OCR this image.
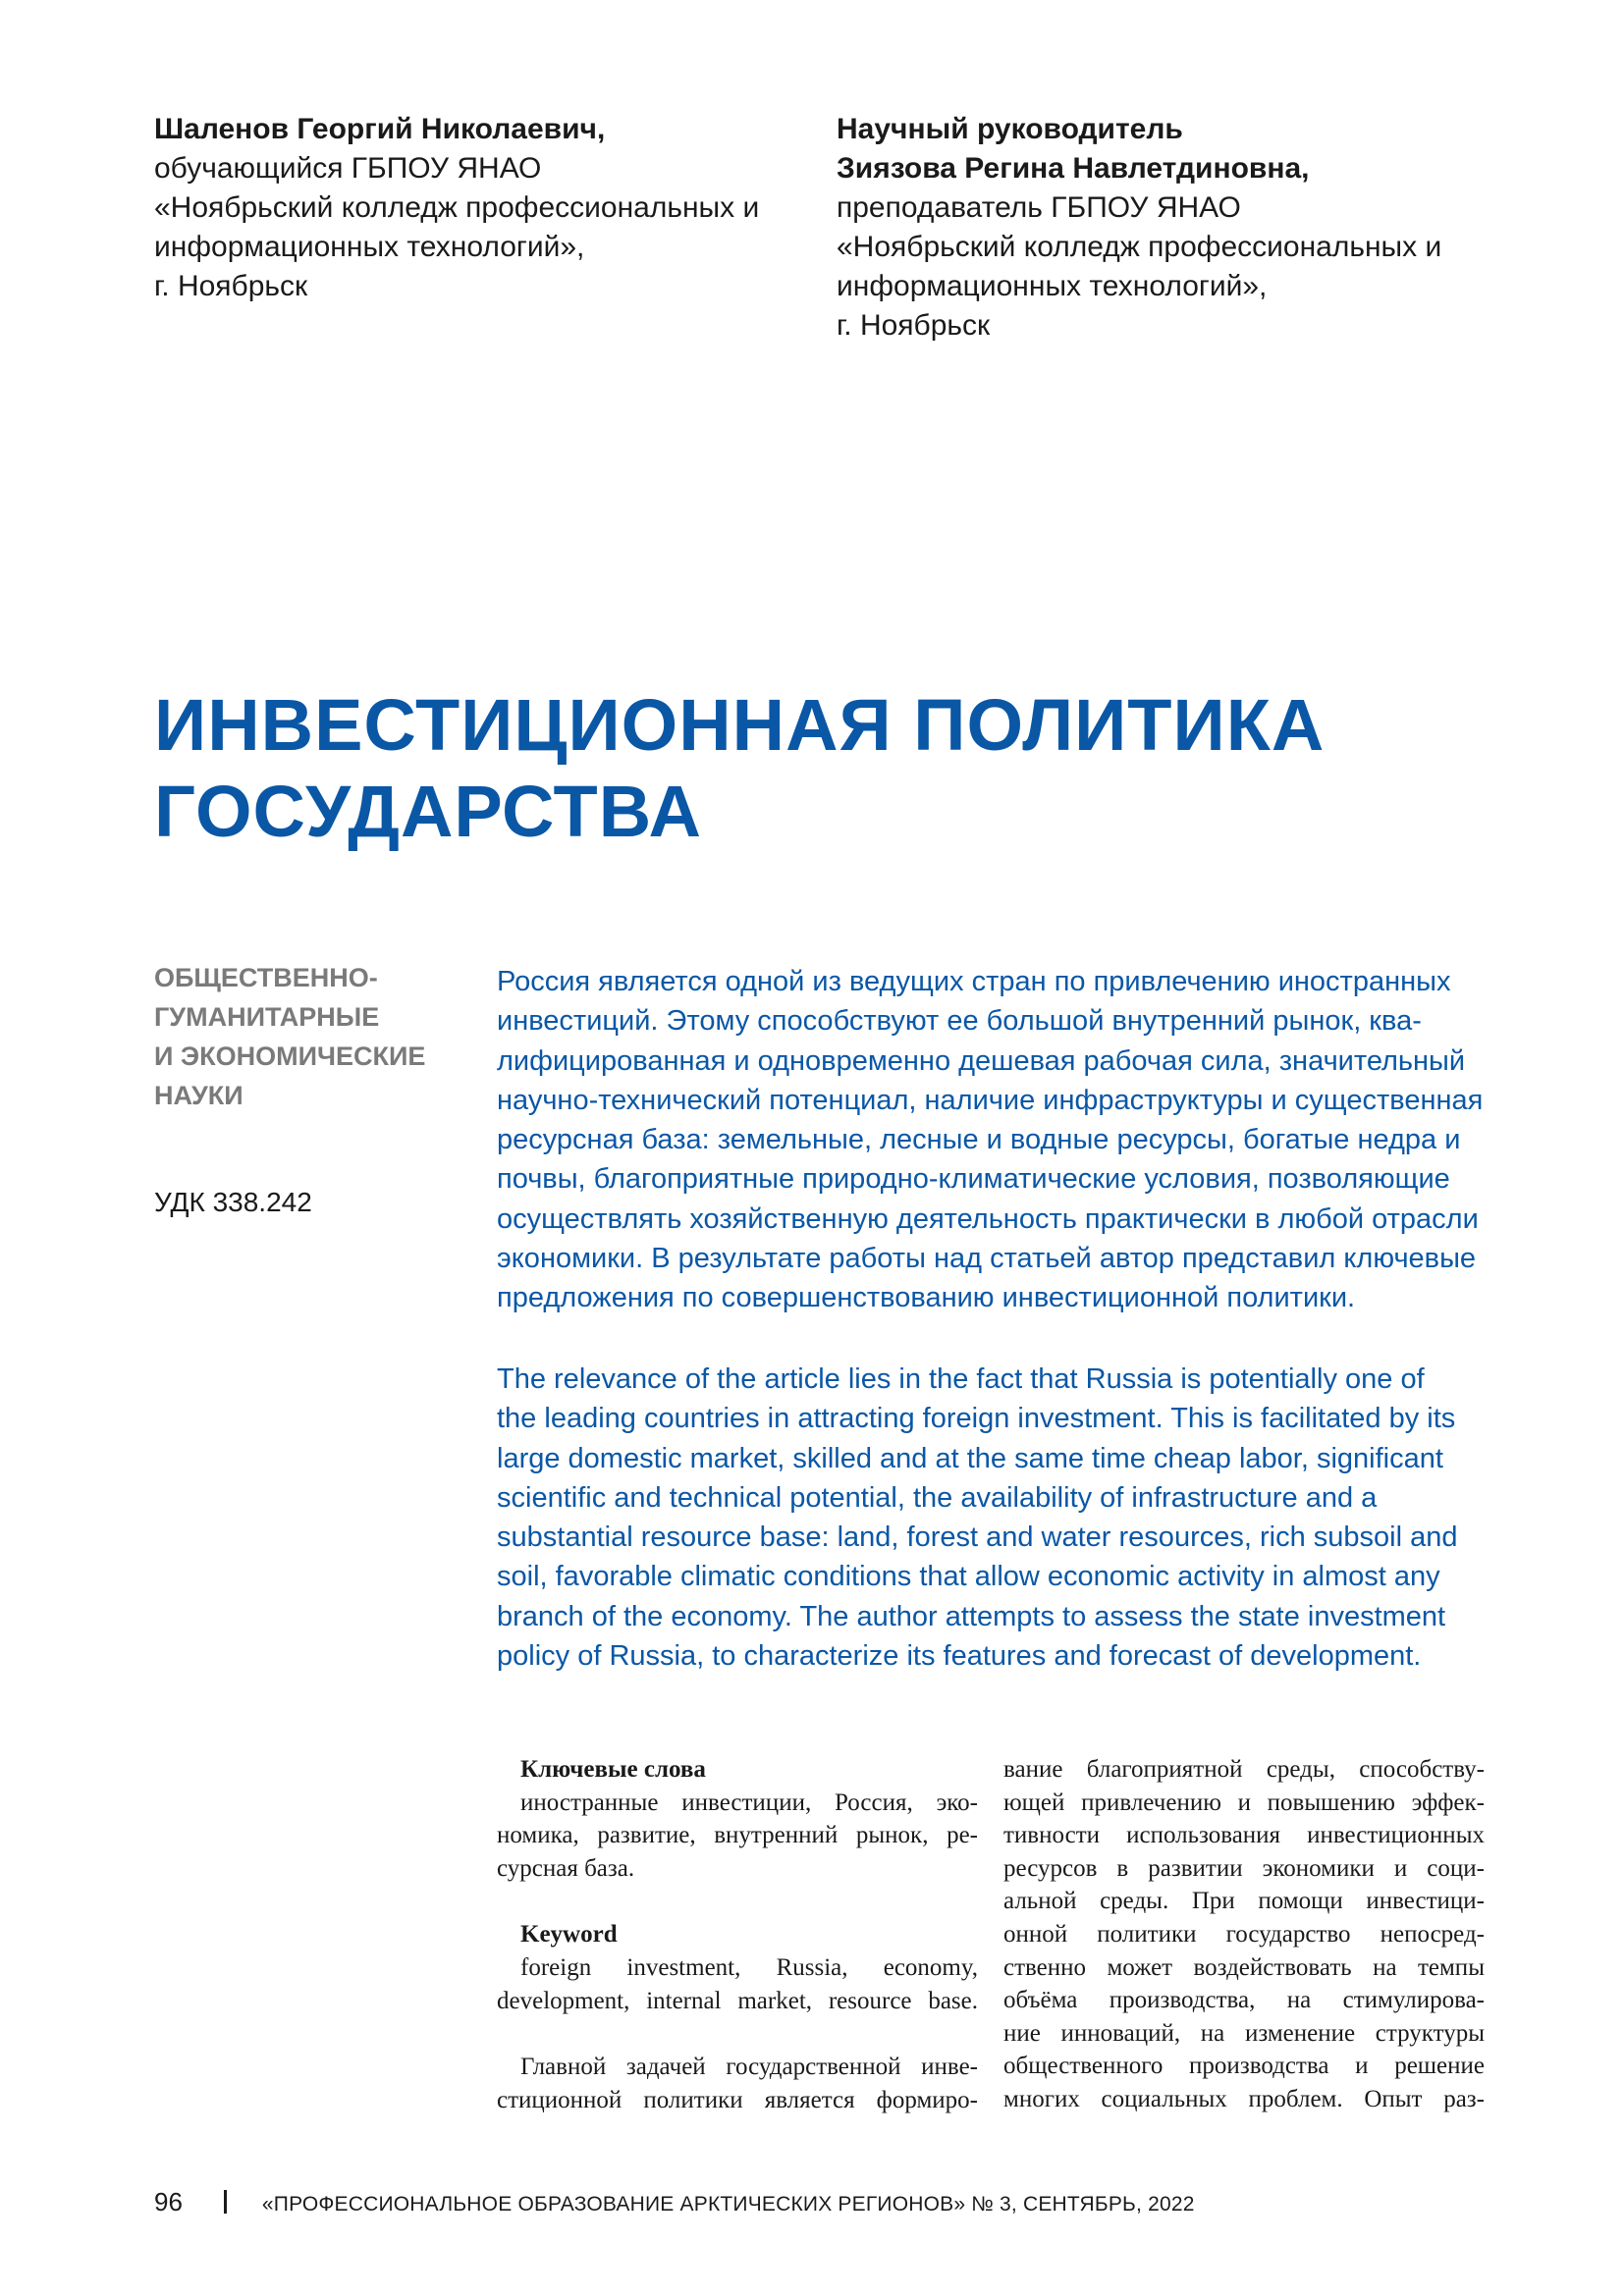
Шаленов Георгий Николаевич,
обучающийся ГБПОУ ЯНАО
«Ноябрьский колледж профессиональных и
информационных технологий»,
г. Ноябрьск
Научный руководитель
Зиязова Регина Навлетдиновна,
преподаватель ГБПОУ ЯНАО
«Ноябрьский колледж профессиональных и
информационных технологий»,
г. Ноябрьск
ИНВЕСТИЦИОННАЯ ПОЛИТИКА
ГОСУДАРСТВА
ОБЩЕСТВЕННО-
ГУМАНИТАРНЫЕ
И ЭКОНОМИЧЕСКИЕ
НАУКИ
УДК 338.242
Россия является одной из ведущих стран по привлечению иностранных
инвестиций. Этому способствуют ее большой внутренний рынок, ква-
лифицированная и одновременно дешевая рабочая сила, значительный
научно-технический потенциал, наличие инфраструктуры и существенная
ресурсная база: земельные, лесные и водные ресурсы, богатые недра и
почвы, благоприятные природно-климатические условия, позволяющие
осуществлять хозяйственную деятельность практически в любой отрасли
экономики. В результате работы над статьей автор представил ключевые
предложения по совершенствованию инвестиционной политики.
The relevance of the article lies in the fact that Russia is potentially one of
the leading countries in attracting foreign investment. This is facilitated by its
large domestic market, skilled and at the same time cheap labor, significant
scientific and technical potential, the availability of infrastructure and a
substantial resource base: land, forest and water resources, rich subsoil and
soil, favorable climatic conditions that allow economic activity in almost any
branch of the economy. The author attempts to assess the state investment
policy of Russia, to characterize its features and forecast of development.
Ключевые слова
иностранные инвестиции, Россия, эко-
номика, развитие, внутренний рынок, ре-
сурсная база.
Keyword
foreign investment, Russia, economy,
development, internal market, resource base.
Главной задачей государственной инве-
стиционной политики является формиро-
вание благоприятной среды, способству-
ющей привлечению и повышению эффек-
тивности использования инвестиционных
ресурсов в развитии экономики и соци-
альной среды. При помощи инвестици-
онной политики государство непосред-
ственно может воздействовать на темпы
объёма производства, на стимулирова-
ние инноваций, на изменение структуры
общественного производства и решение
многих социальных проблем. Опыт раз-
96	«ПРОФЕССИОНАЛЬНОЕ ОБРАЗОВАНИЕ АРКТИЧЕСКИХ РЕГИОНОВ» № 3, СЕНТЯБРЬ, 2022
